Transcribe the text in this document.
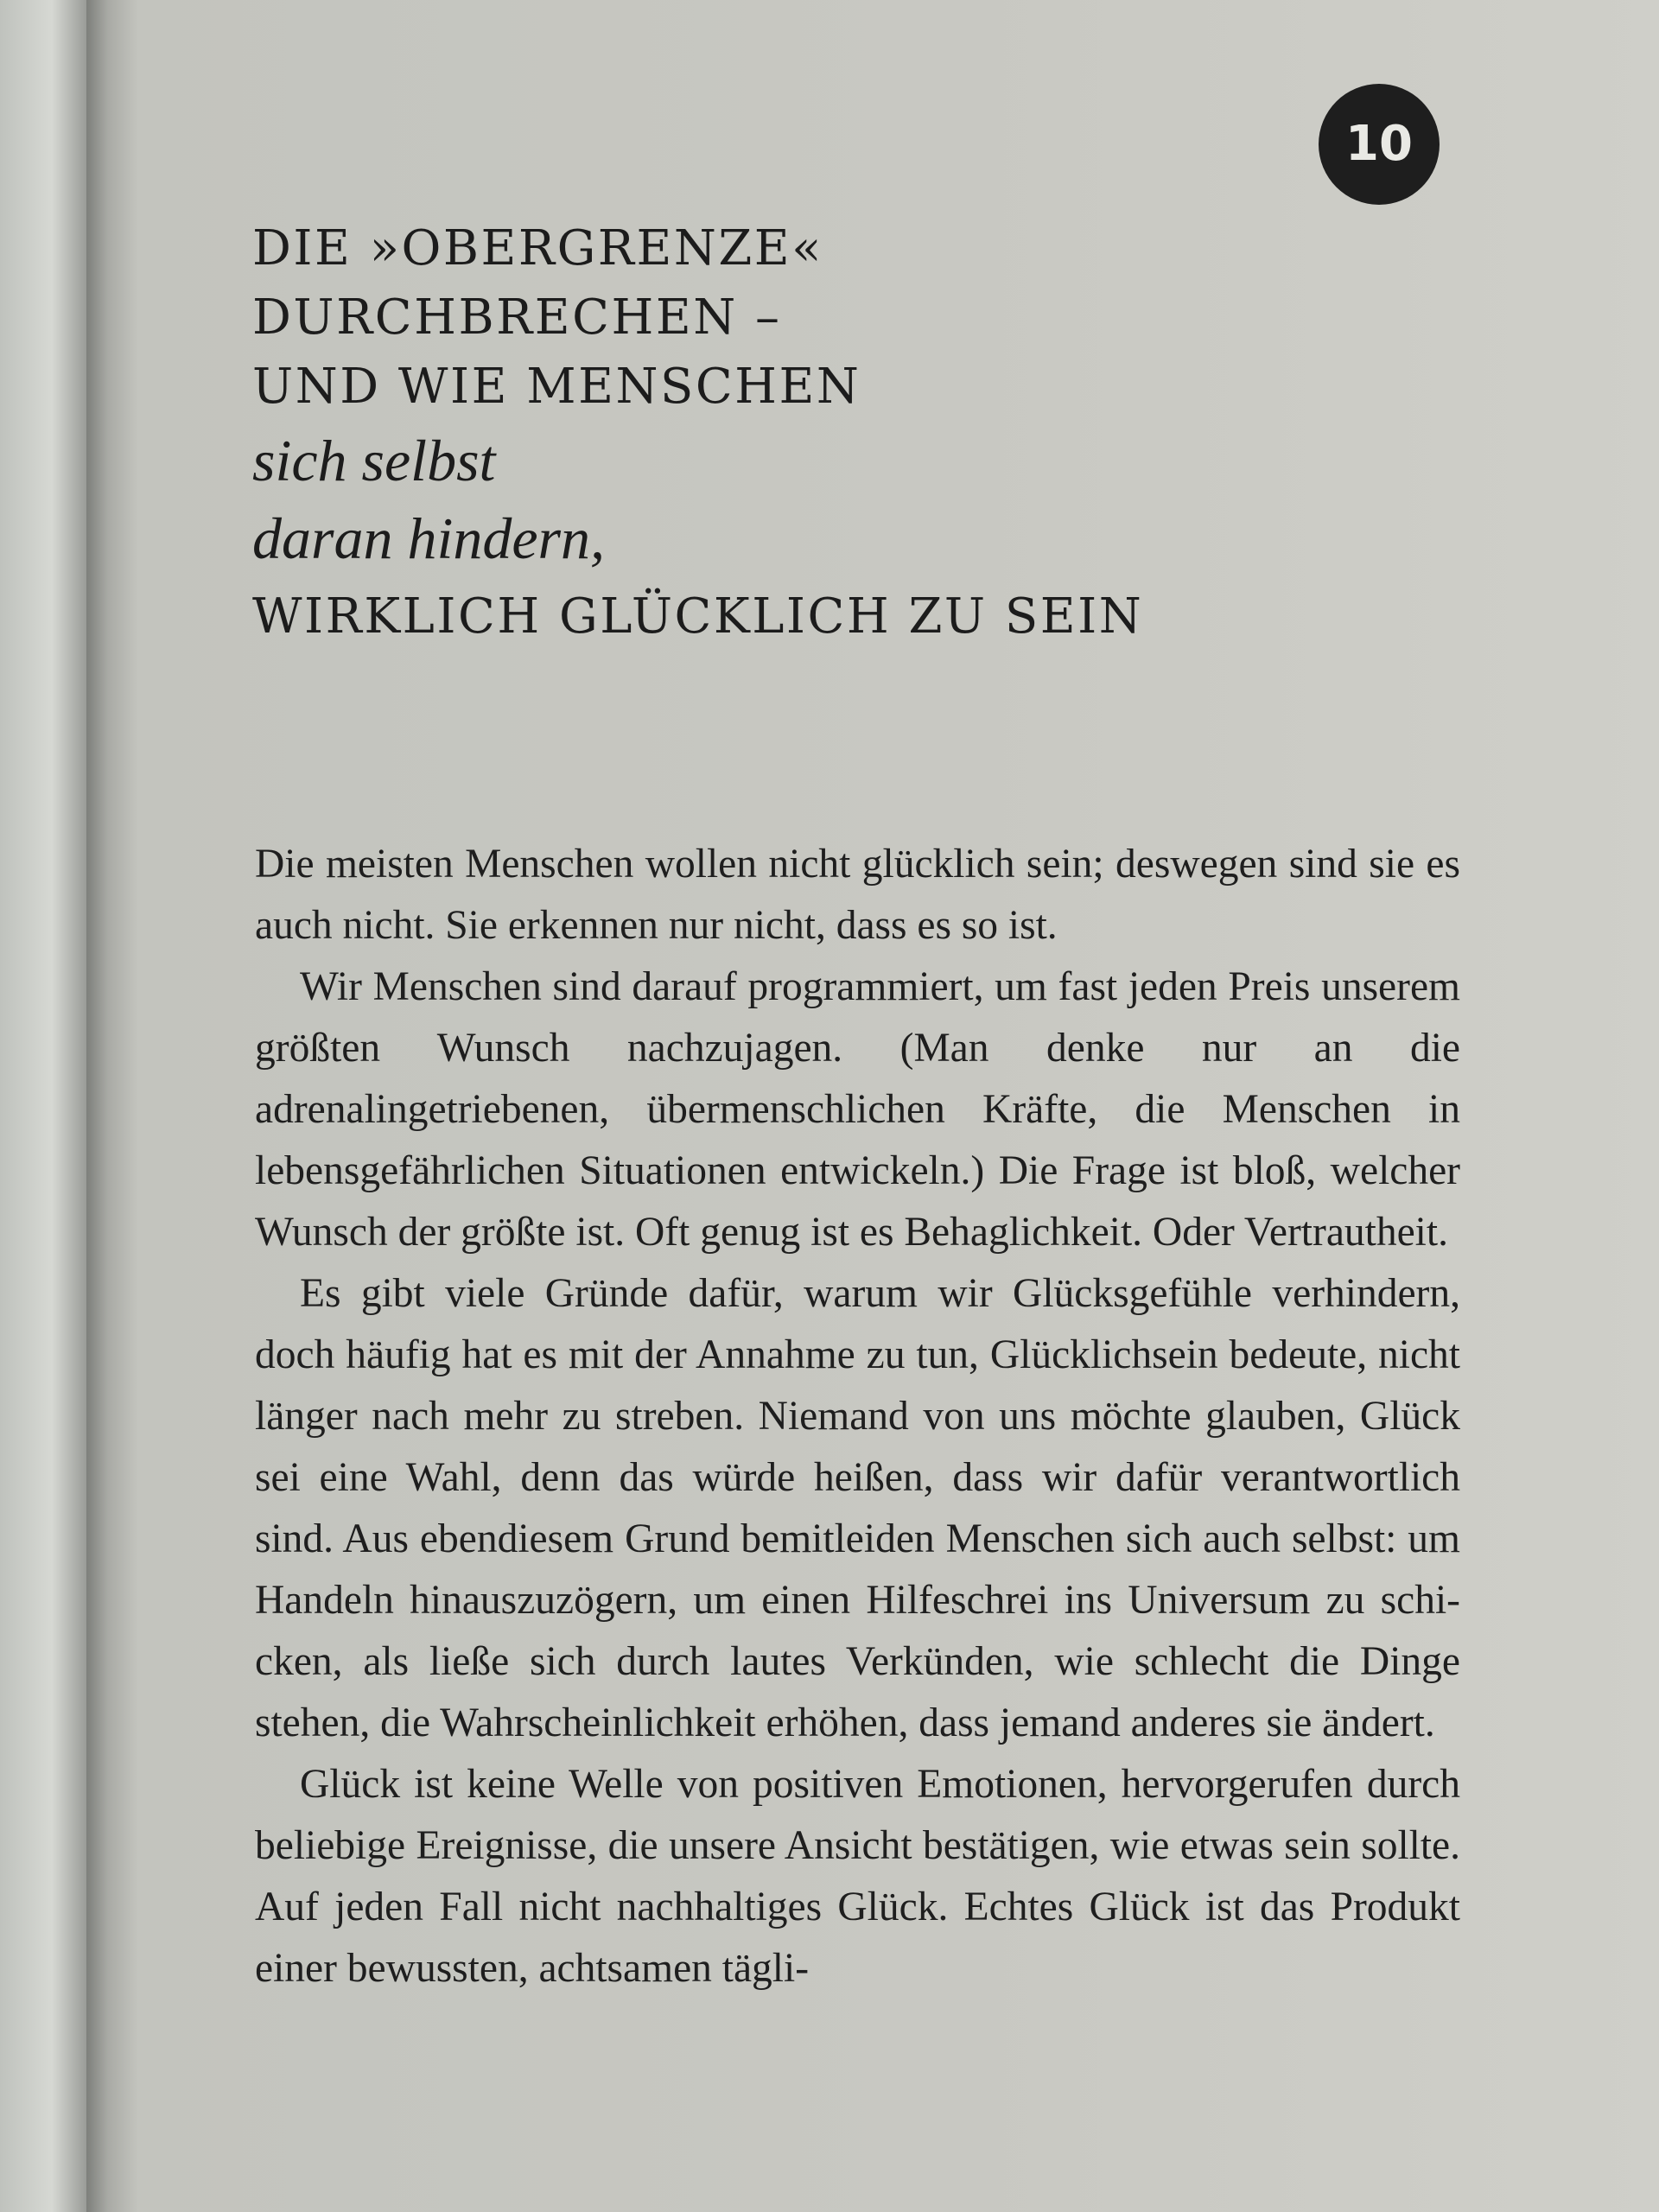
10
DIE »OBERGRENZE«
DURCHBRECHEN –
UND WIE MENSCHEN
sich selbst
daran hindern,
WIRKLICH GLÜCKLICH ZU SEIN

Die meisten Menschen wollen nicht glücklich sein; deswegen sind sie es auch nicht. Sie erkennen nur nicht, dass es so ist.

Wir Menschen sind darauf programmiert, um fast jeden Preis unserem größten Wunsch nachzujagen. (Man denke nur an die adrenalingetriebenen, übermenschlichen Kräfte, die Menschen in lebensgefährlichen Situationen entwickeln.) Die Frage ist bloß, welcher Wunsch der größte ist. Oft genug ist es Behaglichkeit. Oder Vertrautheit.

Es gibt viele Gründe dafür, warum wir Glücksgefühle verhindern, doch häufig hat es mit der Annahme zu tun, Glücklichsein bedeute, nicht länger nach mehr zu streben. Niemand von uns möchte glauben, Glück sei eine Wahl, denn das würde heißen, dass wir dafür verantwortlich sind. Aus ebendiesem Grund bemitleiden Menschen sich auch selbst: um Handeln hinauszuzögern, um einen Hilfeschrei ins Universum zu schicken, als ließe sich durch lautes Verkünden, wie schlecht die Dinge stehen, die Wahrscheinlichkeit erhöhen, dass jemand anderes sie ändert.

Glück ist keine Welle von positiven Emotionen, hervorgerufen durch beliebige Ereignisse, die unsere Ansicht bestätigen, wie etwas sein sollte. Auf jeden Fall nicht nachhaltiges Glück. Echtes Glück ist das Produkt einer bewussten, achtsamen tägli-
